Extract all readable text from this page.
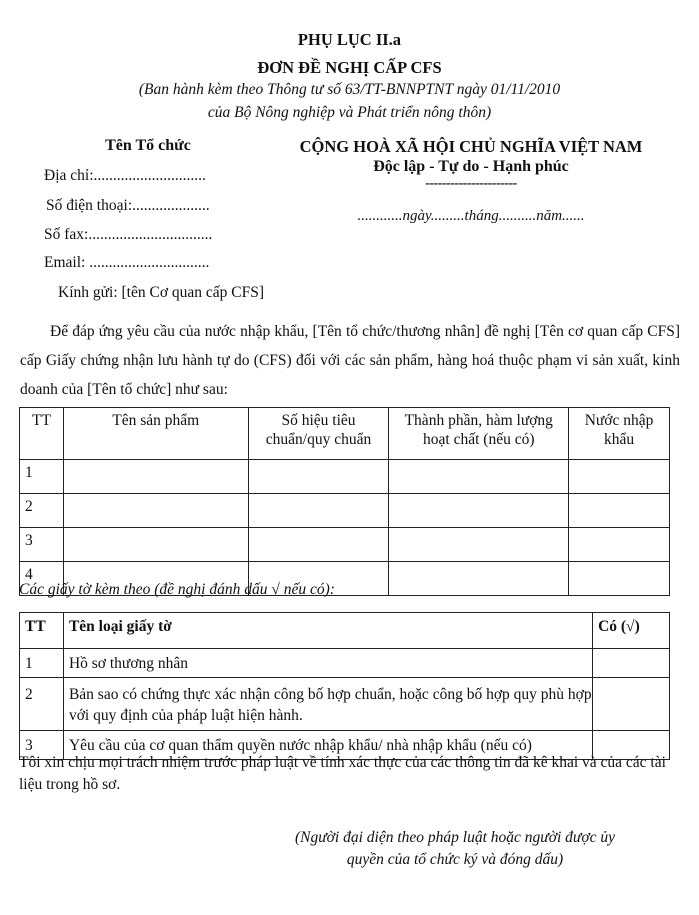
PHỤ LỤC II.a
ĐƠN ĐỀ NGHỊ CẤP CFS
(Ban hành kèm theo Thông tư số 63/TT-BNNPTNT ngày 01/11/2010
của Bộ Nông nghiệp và Phát triển nông thôn)
Tên Tổ chức
Địa chỉ:.............................
Số điện thoại:....................
Số fax:................................
Email: ...............................
Kính gửi: [tên Cơ quan cấp CFS]
CỘNG HOÀ XÃ HỘI CHỦ NGHĨA VIỆT NAM
Độc lập - Tự do - Hạnh phúc
----------------------
............ngày.........tháng..........năm......
Để đáp ứng yêu cầu của nước nhập khẩu, [Tên tổ chức/thương nhân] đề nghị [Tên cơ quan cấp CFS] cấp Giấy chứng nhận lưu hành tự do (CFS) đối với các sản phẩm, hàng hoá thuộc phạm vi sản xuất, kinh doanh của [Tên tổ chức] như sau:
TT	Tên sản phẩm	Số hiệu tiêu chuẩn/quy chuẩn	Thành phần, hàm lượng hoạt chất (nếu có)	Nước nhập khẩu
1				
2				
3				
4				
Các giấy tờ kèm theo (đề nghị đánh dấu √ nếu có):
TT	Tên loại giấy tờ	Có (√)
1	Hồ sơ thương nhân	
2	Bản sao có chứng thực xác nhận công bố hợp chuẩn, hoặc công bố hợp quy phù hợp với quy định của pháp luật hiện hành.	
3	Yêu cầu của cơ quan thẩm quyền nước nhập khẩu/ nhà nhập khẩu (nếu có)	
Tôi xin chịu mọi trách nhiệm trước pháp luật về tính xác thực của các thông tin đã kê khai và của các tài liệu trong hồ sơ.
(Người đại diện theo pháp luật hoặc người được ủy
quyền của tổ chức ký và đóng dấu)
